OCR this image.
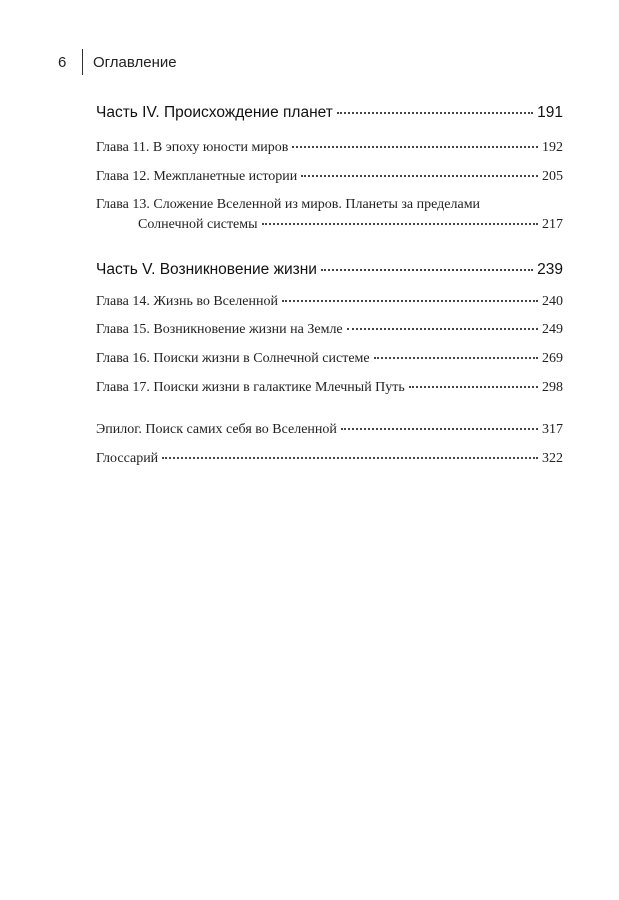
6	Оглавление
Часть IV. Происхождение планет	191
Глава 11. В эпоху юности миров	192
Глава 12. Межпланетные истории	205
Глава 13. Сложение Вселенной из миров. Планеты за пределами
Солнечной системы	217
Часть V. Возникновение жизни	239
Глава 14. Жизнь во Вселенной	240
Глава 15. Возникновение жизни на Земле	249
Глава 16. Поиски жизни в Солнечной системе	269
Глава 17. Поиски жизни в галактике Млечный Путь	298
Эпилог. Поиск самих себя во Вселенной	317
Глоссарий	322
